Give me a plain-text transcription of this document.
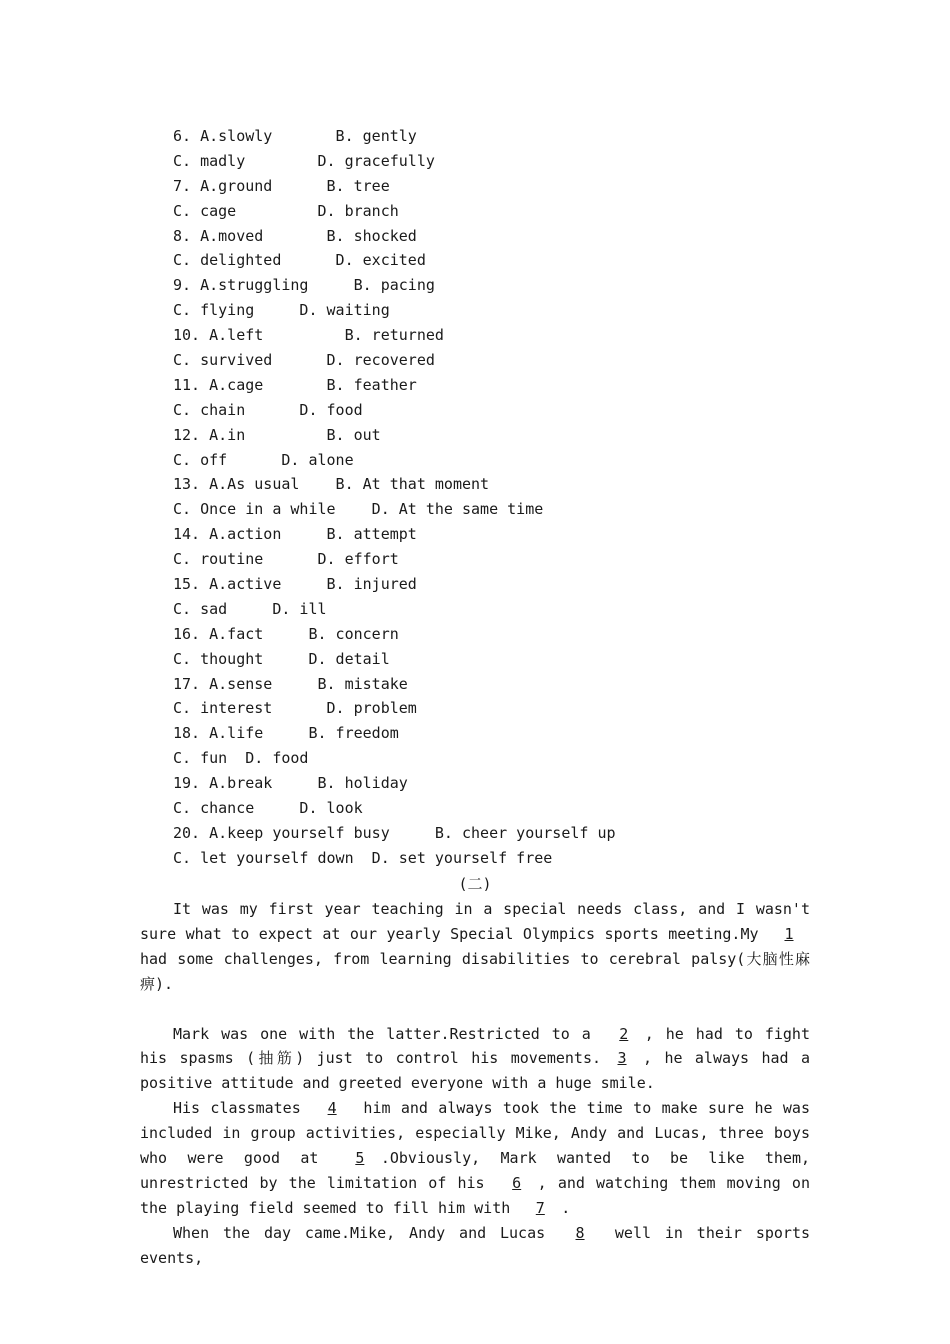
6. A.slowly       B. gently
C. madly        D. gracefully
7. A.ground      B. tree
C. cage         D. branch
8. A.moved       B. shocked
C. delighted      D. excited
9. A.struggling     B. pacing
C. flying     D. waiting
10. A.left         B. returned
C. survived      D. recovered
11. A.cage       B. feather
C. chain      D. food
12. A.in         B. out
C. off      D. alone
13. A.As usual    B. At that moment
C. Once in a while    D. At the same time
14. A.action     B. attempt
C. routine      D. effort
15. A.active     B. injured
C. sad     D. ill
16. A.fact     B. concern
C. thought     D. detail
17. A.sense     B. mistake
C. interest      D. problem
18. A.life     B. freedom
C. fun  D. food
19. A.break     B. holiday
C. chance     D. look
20. A.keep yourself busy     B. cheer yourself up
C. let yourself down  D. set yourself free
(二)

It was my first year teaching in a special needs class, and I wasn't sure what to expect at our yearly Special Olympics sports meeting.My 1 had some challenges, from learning disabilities to cerebral palsy(大脑性麻痹).

Mark was one with the latter.Restricted to a 2 , he had to fight his spasms (抽筋) just to control his movements. 3 , he always had a positive attitude and greeted everyone with a huge smile.

His classmates 4 him and always took the time to make sure he was included in group activities, especially Mike, Andy and Lucas, three boys who were good at 5 .Obviously, Mark wanted to be like them, unrestricted by the limitation of his 6 , and watching them moving on the playing field seemed to fill him with 7 .

When the day came.Mike, Andy and Lucas 8 well in their sports events,
